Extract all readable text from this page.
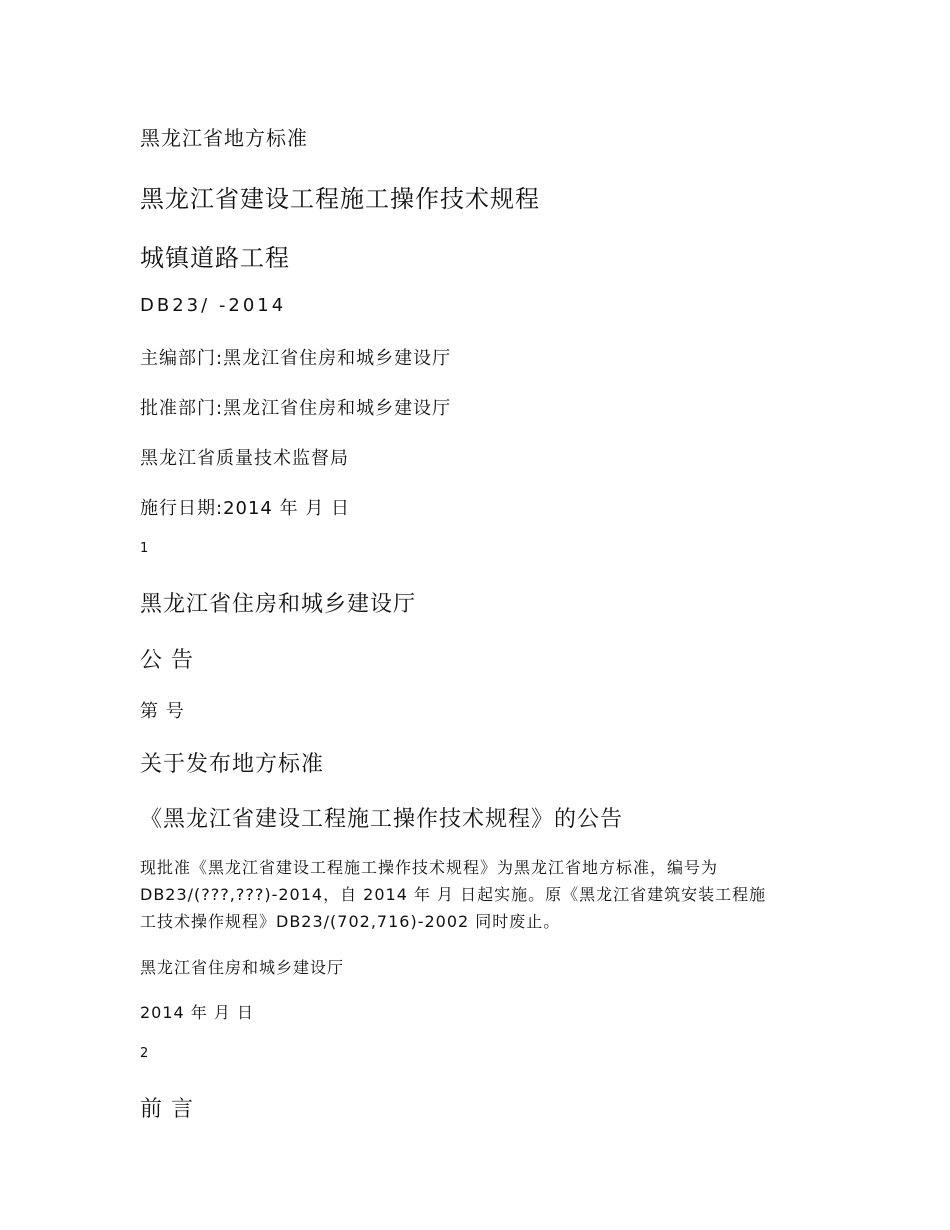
黑龙江省地方标准
黑龙江省建设工程施工操作技术规程
城镇道路工程

DB23/ -2014

主编部门:黑龙江省住房和城乡建设厅

批准部门:黑龙江省住房和城乡建设厅

黑龙江省质量技术监督局

施行日期:2014 年 月 日

1

黑龙江省住房和城乡建设厅
公 告

第 号

关于发布地方标准
《黑龙江省建设工程施工操作技术规程》的公告

现批准《黑龙江省建设工程施工操作技术规程》为黑龙江省地方标准，编号为

DB23/(???,???)-2014，自 2014 年 月 日起实施。原《黑龙江省建筑安装工程施

工技术操作规程》DB23/(702,716)-2002 同时废止。

黑龙江省住房和城乡建设厅

2014 年 月 日

2

前 言
